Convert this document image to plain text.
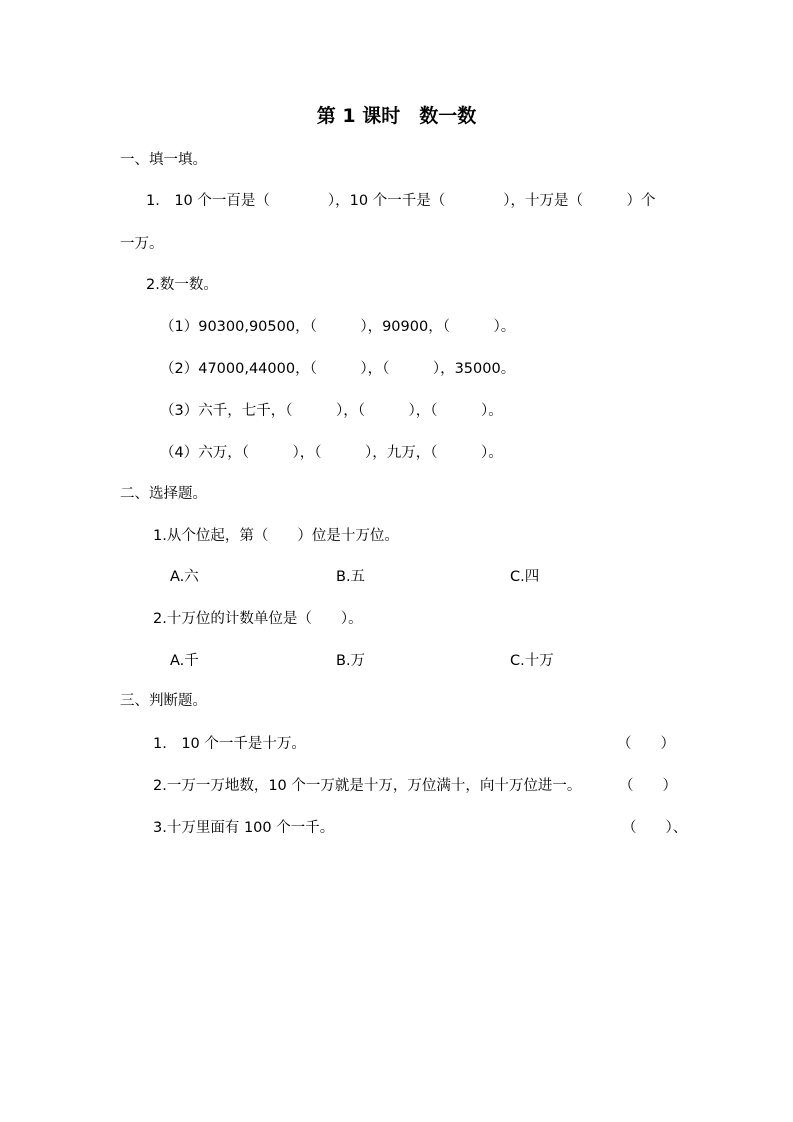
第 1 课时　数一数
一、填一填。
1.　10 个一百是（　　　　），10 个一千是（　　　　），十万是（　　　）个
一万。
2.数一数。
（1）90300,90500，（　　　），90900，（　　　）。
（2）47000,44000，（　　　），（　　　），35000。
（3）六千，七千，（　　　），（　　　），（　　　）。
（4）六万，（　　　），（　　　），九万，（　　　）。
二、选择题。
1.从个位起，第（　　）位是十万位。
A.六	B.五	C.四
2.十万位的计数单位是（　　）。
A.千	B.万	C.十万
三、判断题。
1.　10 个一千是十万。	（　　）
2.一万一万地数，10 个一万就是十万，万位满十，向十万位进一。	（　　）
3.十万里面有 100 个一千。	（　　）、
